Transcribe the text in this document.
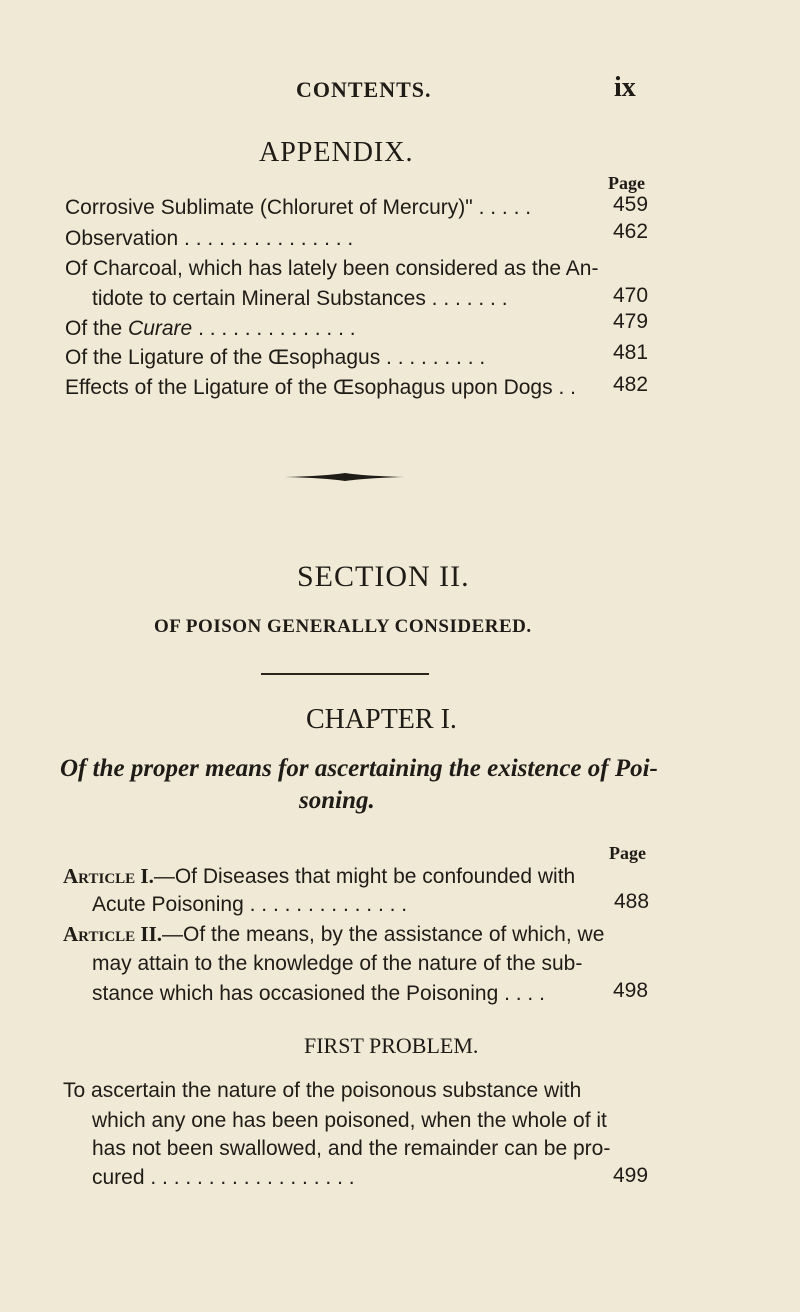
CONTENTS.	ix
APPENDIX.
Page
Corrosive Sublimate (Chloruret of Mercury)ʺ . . . . .	459
Observation . . . . . . . . . . . . . . .	462
Of Charcoal, which has lately been considered as the An-
tidote to certain Mineral Substances . . . . . . .	470
Of the Curare . . . . . . . . . . . . . .	479
Of the Ligature of the Œsophagus . . . . . . . . .	481
Effects of the Ligature of the Œsophagus upon Dogs . . 482
SECTION II.
OF POISON GENERALLY CONSIDERED.
CHAPTER I.
Of the proper means for ascertaining the existence of Poi-
soning.
Page
Article I.—Of Diseases that might be confounded with
Acute Poisoning . . . . . . . . . . . . . .	488
Article II.—Of the means, by the assistance of which, we
may attain to the knowledge of the nature of the sub-
stance which has occasioned the Poisoning . . . .	498
FIRST PROBLEM.
To ascertain the nature of the poisonous substance with
which any one has been poisoned, when the whole of it
has not been swallowed, and the remainder can be pro-
cured . . . . . . . . . . . . . . . . . .	499
